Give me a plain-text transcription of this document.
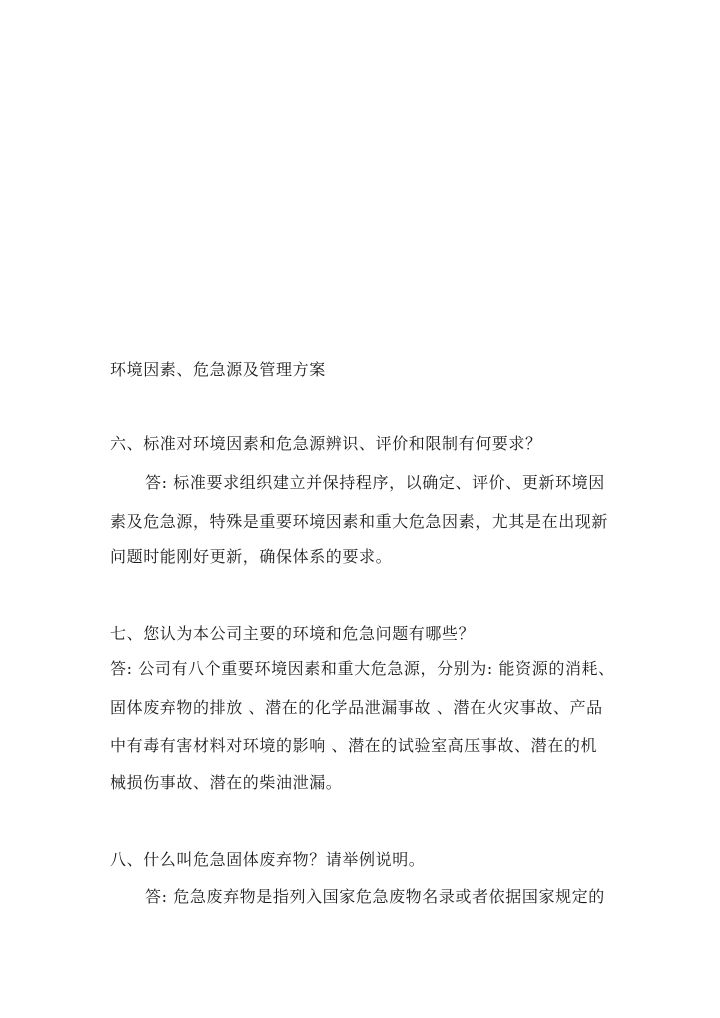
环境因素、危急源及管理方案
六、标准对环境因素和危急源辨识、评价和限制有何要求？
答: 标准要求组织建立并保持程序，以确定、评价、更新环境因
素及危急源，特殊是重要环境因素和重大危急因素，尤其是在出现新
问题时能刚好更新，确保体系的要求。
七、您认为本公司主要的环境和危急问题有哪些？
答: 公司有八个重要环境因素和重大危急源，分别为: 能资源的消耗、
固体废弃物的排放 、潜在的化学品泄漏事故 、潜在火灾事故、产品
中有毒有害材料对环境的影响 、潜在的试验室高压事故、潜在的机
械损伤事故、潜在的柴油泄漏。
八、什么叫危急固体废弃物？请举例说明。
答: 危急废弃物是指列入国家危急废物名录或者依据国家规定的
